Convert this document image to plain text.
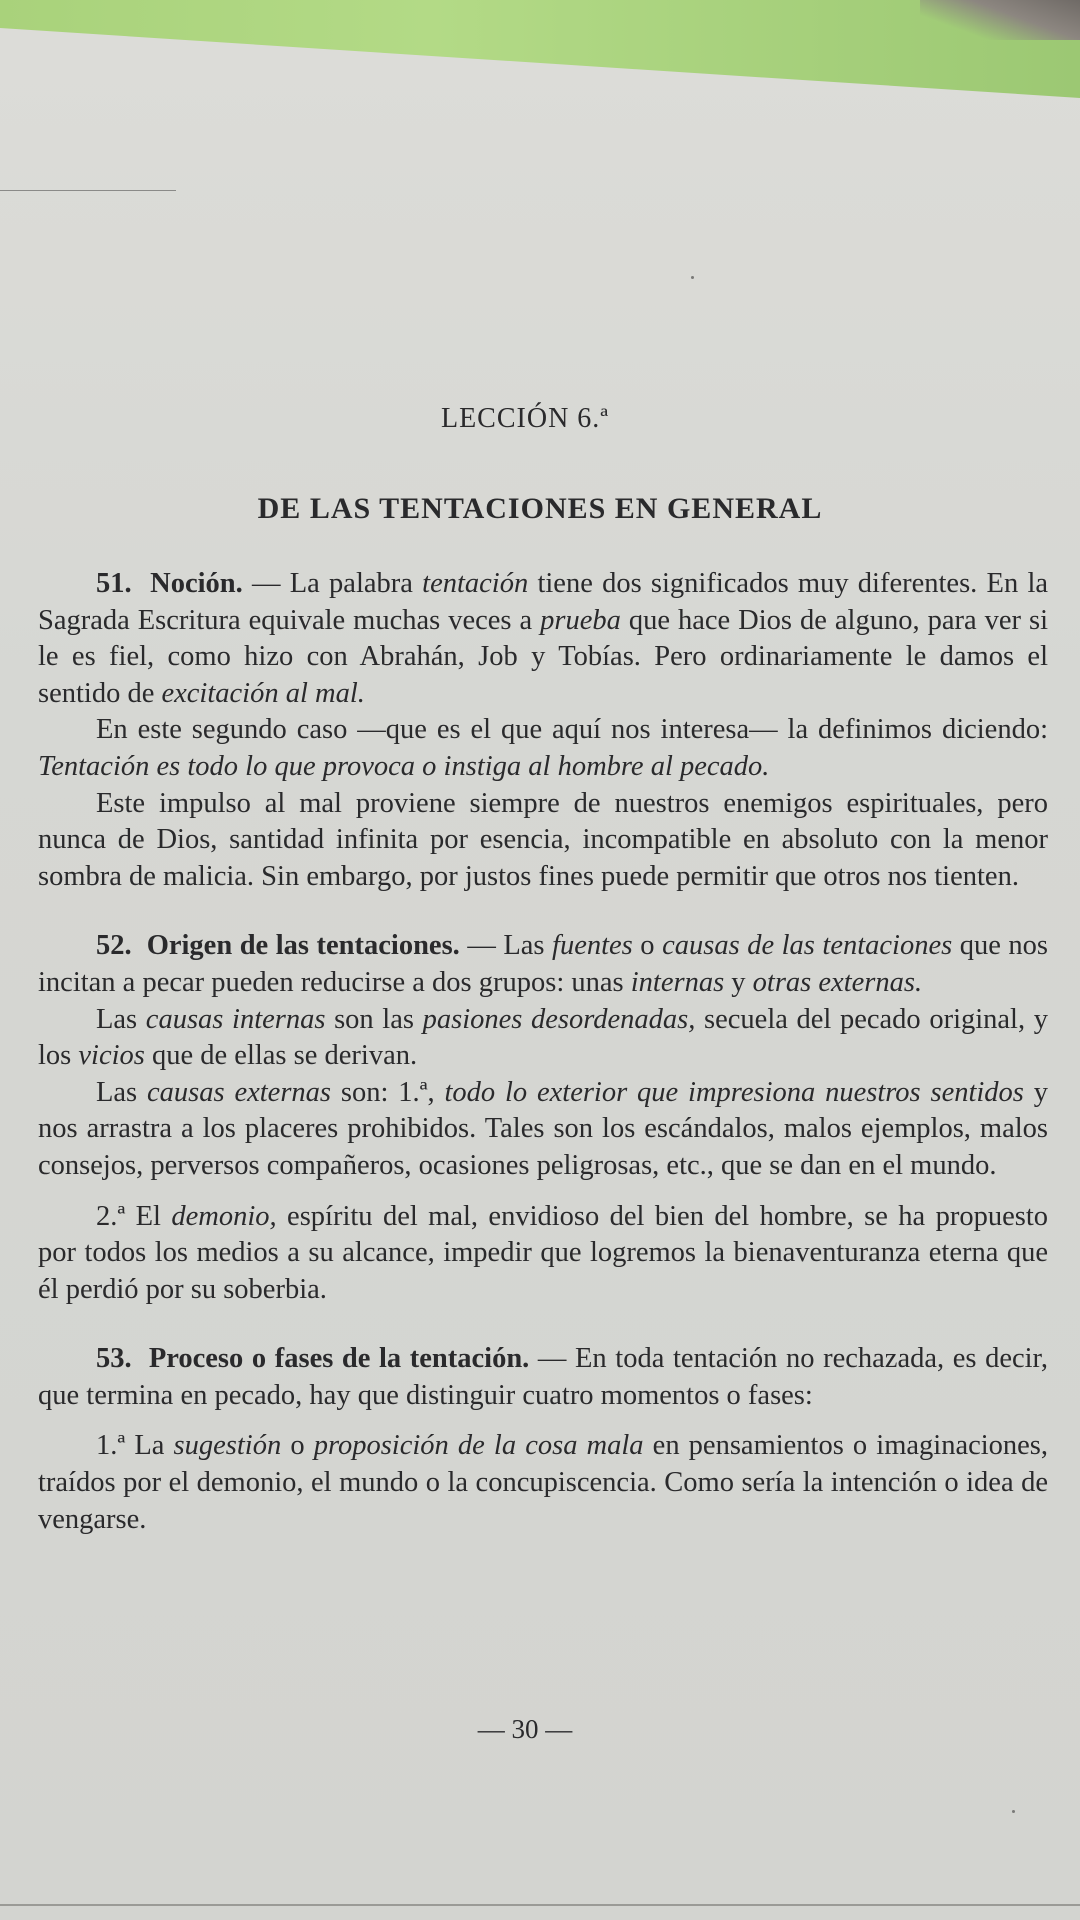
LECCIÓN 6.ª
DE LAS TENTACIONES EN GENERAL

51. Noción. — La palabra tentación tiene dos significados muy diferentes. En la Sagrada Escritura equivale muchas veces a prueba que hace Dios de alguno, para ver si le es fiel, como hizo con Abrahán, Job y Tobías. Pero ordinariamente le damos el sentido de excitación al mal.

En este segundo caso —que es el que aquí nos interesa— la definimos diciendo: Tentación es todo lo que provoca o instiga al hombre al pecado.

Este impulso al mal proviene siempre de nuestros enemigos espirituales, pero nunca de Dios, santidad infinita por esencia, incompatible en absoluto con la menor sombra de malicia. Sin embargo, por justos fines puede permitir que otros nos tienten.

52. Origen de las tentaciones. — Las fuentes o causas de las tentaciones que nos incitan a pecar pueden reducirse a dos grupos: unas internas y otras externas.

Las causas internas son las pasiones desordenadas, secuela del pecado original, y los vicios que de ellas se derivan.

Las causas externas son: 1.ª, todo lo exterior que impresiona nuestros sentidos y nos arrastra a los placeres prohibidos. Tales son los escándalos, malos ejemplos, malos consejos, perversos compañeros, ocasiones peligrosas, etc., que se dan en el mundo.

2.ª El demonio, espíritu del mal, envidioso del bien del hombre, se ha propuesto por todos los medios a su alcance, impedir que logremos la bienaventuranza eterna que él perdió por su soberbia.

53. Proceso o fases de la tentación. — En toda tentación no rechazada, es decir, que termina en pecado, hay que distinguir cuatro momentos o fases:

1.ª La sugestión o proposición de la cosa mala en pensamientos o imaginaciones, traídos por el demonio, el mundo o la concupiscencia. Como sería la intención o idea de vengarse.

— 30 —
